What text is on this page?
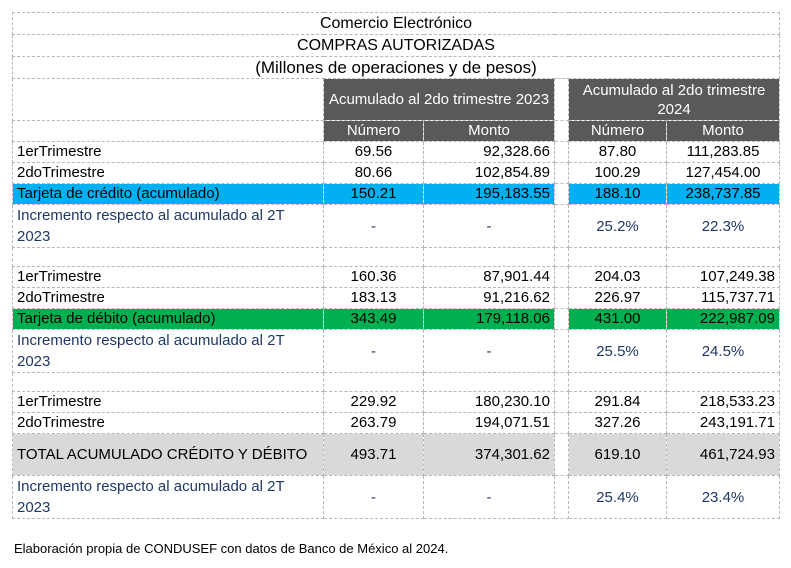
Comercio Electrónico					
COMPRAS AUTORIZADAS					
(Millones de operaciones y de pesos)					
	Acumulado al 2do trimestre 2023			Acumulado al 2do trimestre 2024	
	Número	Monto		Número	Monto
1erTrimestre	69.56	92,328.66		87.80	111,283.85
2doTrimestre	80.66	102,854.89		100.29	127,454.00
Tarjeta de crédito (acumulado)	150.21	195,183.55		188.10	238,737.85
Incremento respecto al acumulado al 2T 2023	-	-		25.2%	22.3%

1erTrimestre	160.36	87,901.44		204.03	107,249.38
2doTrimestre	183.13	91,216.62		226.97	115,737.71
Tarjeta de débito (acumulado)	343.49	179,118.06		431.00	222,987.09
Incremento respecto al acumulado al 2T 2023	-	-		25.5%	24.5%

1erTrimestre	229.92	180,230.10		291.84	218,533.23
2doTrimestre	263.79	194,071.51		327.26	243,191.71
TOTAL ACUMULADO CRÉDITO Y DÉBITO	493.71	374,301.62		619.10	461,724.93
Incremento respecto al acumulado al 2T 2023	-	-		25.4%	23.4%
Elaboración propia de CONDUSEF con datos de Banco de México al 2024.
